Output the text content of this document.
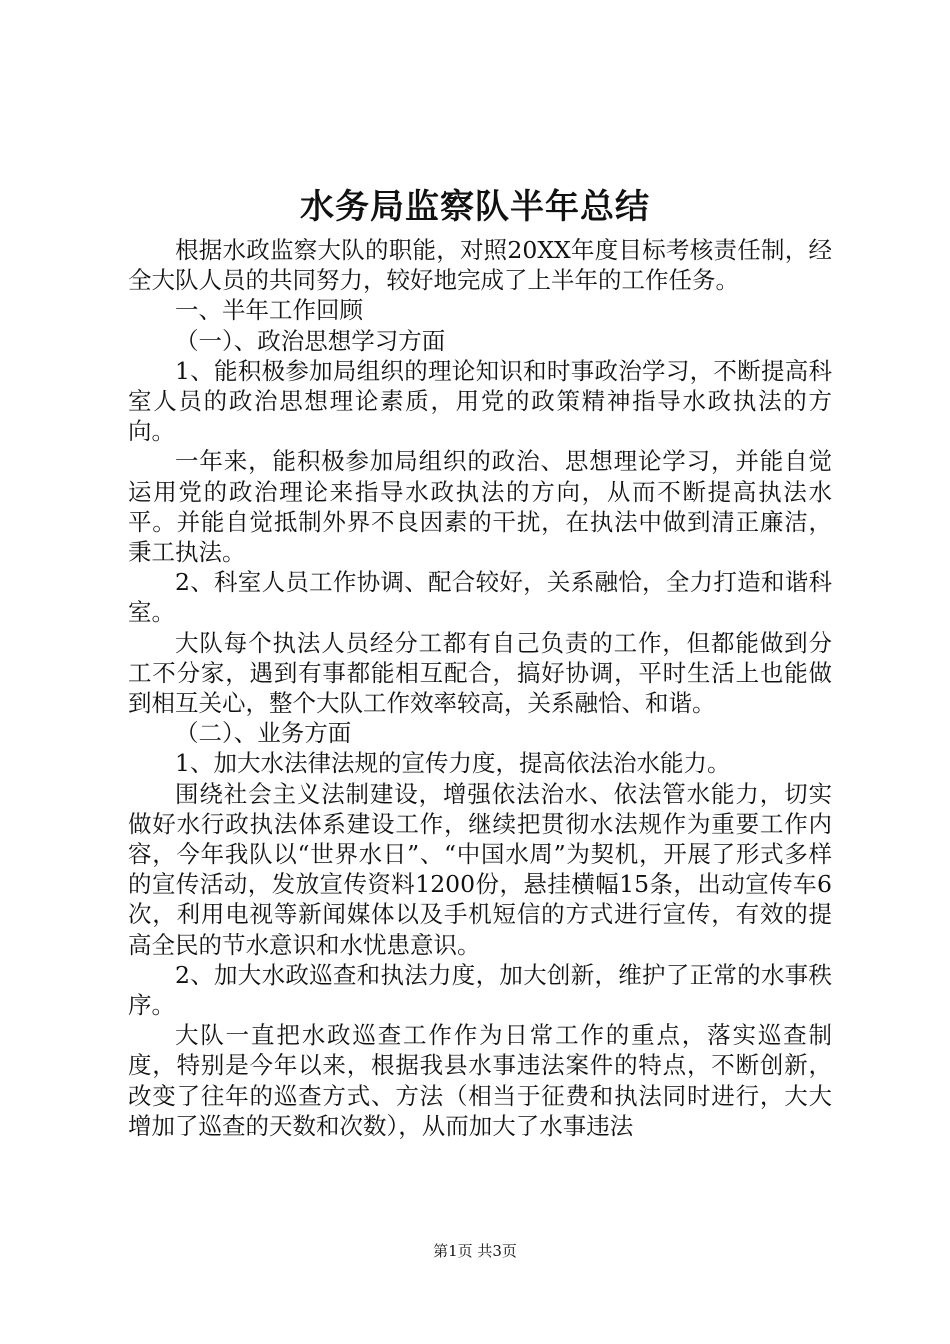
水务局监察队半年总结

根据水政监察大队的职能，对照20XX年度目标考核责任制，经全大队人员的共同努力，较好地完成了上半年的工作任务。

一、半年工作回顾

（一）、政治思想学习方面

1、能积极参加局组织的理论知识和时事政治学习，不断提高科室人员的政治思想理论素质，用党的政策精神指导水政执法的方向。

一年来，能积极参加局组织的政治、思想理论学习，并能自觉运用党的政治理论来指导水政执法的方向，从而不断提高执法水平。并能自觉抵制外界不良因素的干扰，在执法中做到清正廉洁，秉工执法。

2、科室人员工作协调、配合较好，关系融恰，全力打造和谐科室。

大队每个执法人员经分工都有自己负责的工作，但都能做到分工不分家，遇到有事都能相互配合，搞好协调，平时生活上也能做到相互关心，整个大队工作效率较高，关系融恰、和谐。

（二）、业务方面

1、加大水法律法规的宣传力度，提高依法治水能力。

围绕社会主义法制建设，增强依法治水、依法管水能力，切实做好水行政执法体系建设工作，继续把贯彻水法规作为重要工作内容，今年我队以“世界水日”、“中国水周”为契机，开展了形式多样的宣传活动，发放宣传资料1200份，悬挂横幅15条，出动宣传车6次，利用电视等新闻媒体以及手机短信的方式进行宣传，有效的提高全民的节水意识和水忧患意识。

2、加大水政巡查和执法力度，加大创新，维护了正常的水事秩序。

大队一直把水政巡查工作作为日常工作的重点，落实巡查制度，特别是今年以来，根据我县水事违法案件的特点，不断创新，改变了往年的巡查方式、方法（相当于征费和执法同时进行，大大增加了巡查的天数和次数），从而加大了水事违法

第1页 共3页
